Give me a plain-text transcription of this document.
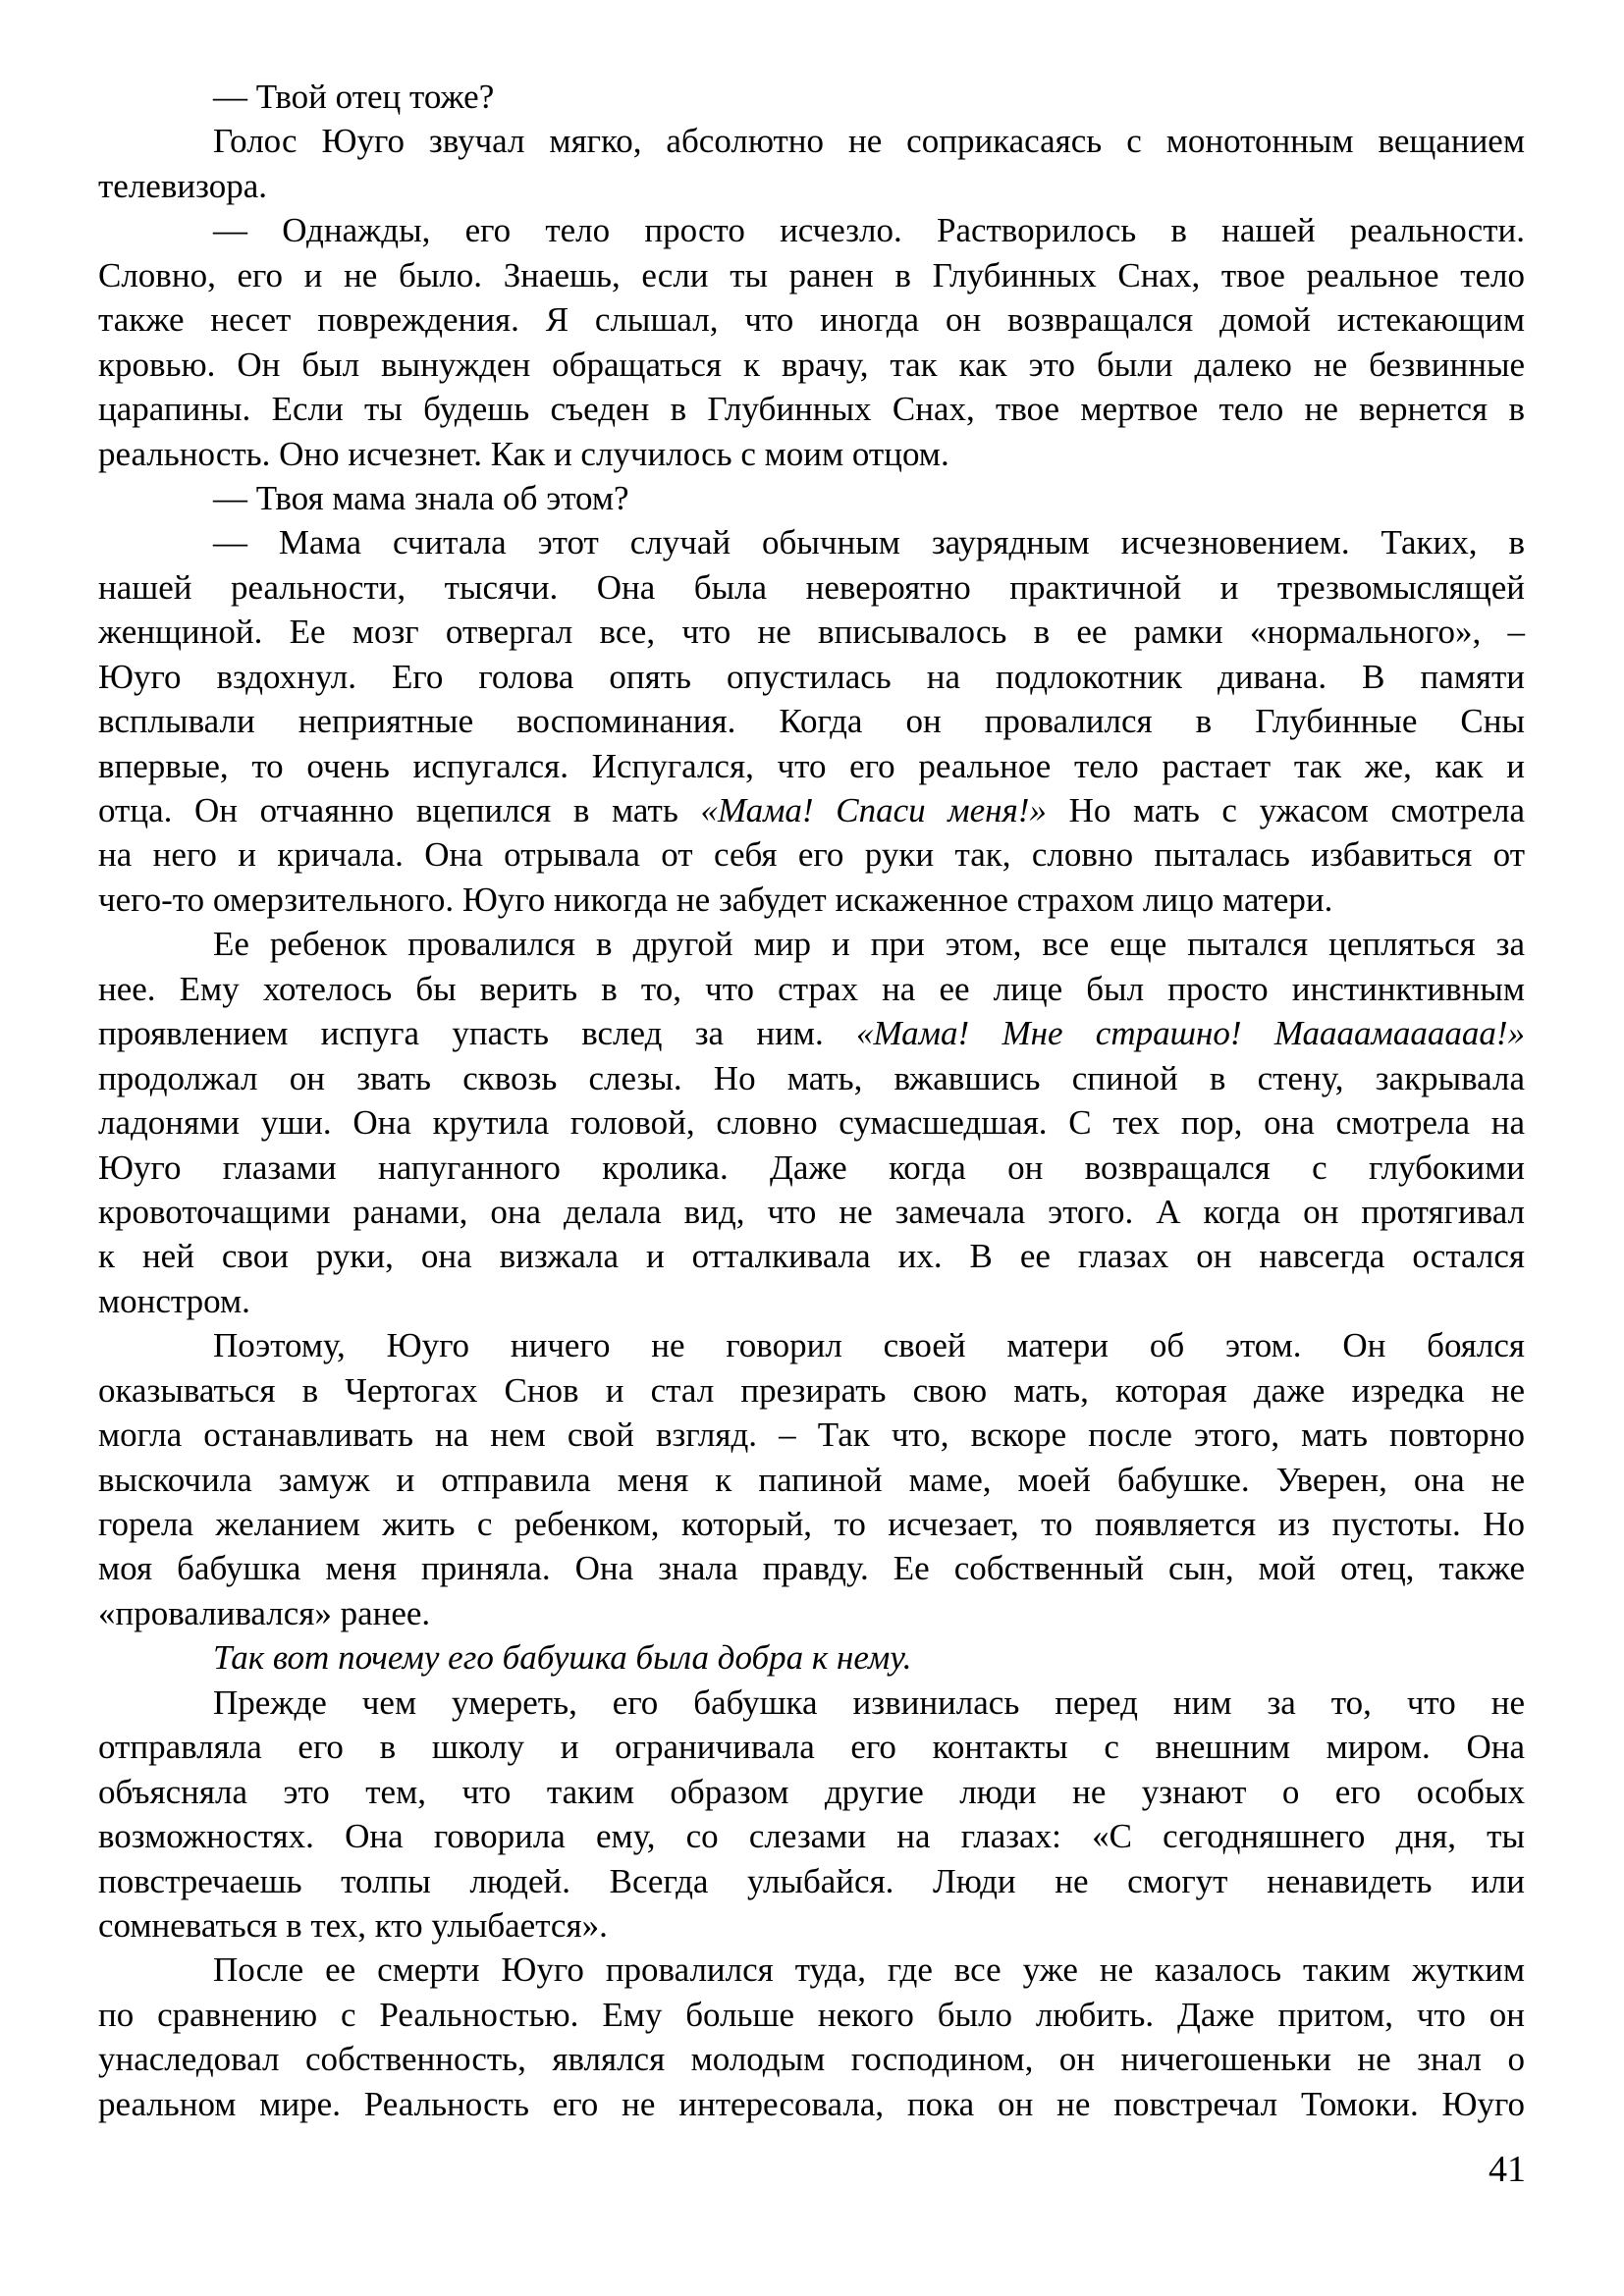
— Твой отец тоже?
Голос Юуго звучал мягко, абсолютно не соприкасаясь с монотонным вещанием
телевизора.
— Однажды, его тело просто исчезло. Растворилось в нашей реальности.
Словно, его и не было. Знаешь, если ты ранен в Глубинных Снах, твое реальное тело
также несет повреждения. Я слышал, что иногда он возвращался домой истекающим
кровью. Он был вынужден обращаться к врачу, так как это были далеко не безвинные
царапины. Если ты будешь съеден в Глубинных Снах, твое мертвое тело не вернется в
реальность. Оно исчезнет. Как и случилось с моим отцом.
— Твоя мама знала об этом?
— Мама считала этот случай обычным заурядным исчезновением. Таких, в
нашей реальности, тысячи. Она была невероятно практичной и трезвомыслящей
женщиной. Ее мозг отвергал все, что не вписывалось в ее рамки «нормального», –
Юуго вздохнул. Его голова опять опустилась на подлокотник дивана. В памяти
всплывали неприятные воспоминания. Когда он провалился в Глубинные Сны
впервые, то очень испугался. Испугался, что его реальное тело растает так же, как и
отца. Он отчаянно вцепился в мать «Мама! Спаси меня!» Но мать с ужасом смотрела
на него и кричала. Она отрывала от себя его руки так, словно пыталась избавиться от
чего-то омерзительного. Юуго никогда не забудет искаженное страхом лицо матери.
Ее ребенок провалился в другой мир и при этом, все еще пытался цепляться за
нее. Ему хотелось бы верить в то, что страх на ее лице был просто инстинктивным
проявлением испуга упасть вслед за ним. «Мама! Мне страшно! Маааамаааааа!»
продолжал он звать сквозь слезы. Но мать, вжавшись спиной в стену, закрывала
ладонями уши. Она крутила головой, словно сумасшедшая. С тех пор, она смотрела на
Юуго глазами напуганного кролика. Даже когда он возвращался с глубокими
кровоточащими ранами, она делала вид, что не замечала этого. А когда он протягивал
к ней свои руки, она визжала и отталкивала их. В ее глазах он навсегда остался
монстром.
Поэтому, Юуго ничего не говорил своей матери об этом. Он боялся
оказываться в Чертогах Снов и стал презирать свою мать, которая даже изредка не
могла останавливать на нем свой взгляд. – Так что, вскоре после этого, мать повторно
выскочила замуж и отправила меня к папиной маме, моей бабушке. Уверен, она не
горела желанием жить с ребенком, который, то исчезает, то появляется из пустоты. Но
моя бабушка меня приняла. Она знала правду. Ее собственный сын, мой отец, также
«проваливался» ранее.
Так вот почему его бабушка была добра к нему.
Прежде чем умереть, его бабушка извинилась перед ним за то, что не
отправляла его в школу и ограничивала его контакты с внешним миром. Она
объясняла это тем, что таким образом другие люди не узнают о его особых
возможностях. Она говорила ему, со слезами на глазах: «С сегодняшнего дня, ты
повстречаешь толпы людей. Всегда улыбайся. Люди не смогут ненавидеть или
сомневаться в тех, кто улыбается».
После ее смерти Юуго провалился туда, где все уже не казалось таким жутким
по сравнению с Реальностью. Ему больше некого было любить. Даже притом, что он
унаследовал собственность, являлся молодым господином, он ничегошеньки не знал о
реальном мире. Реальность его не интересовала, пока он не повстречал Томоки. Юуго
41
